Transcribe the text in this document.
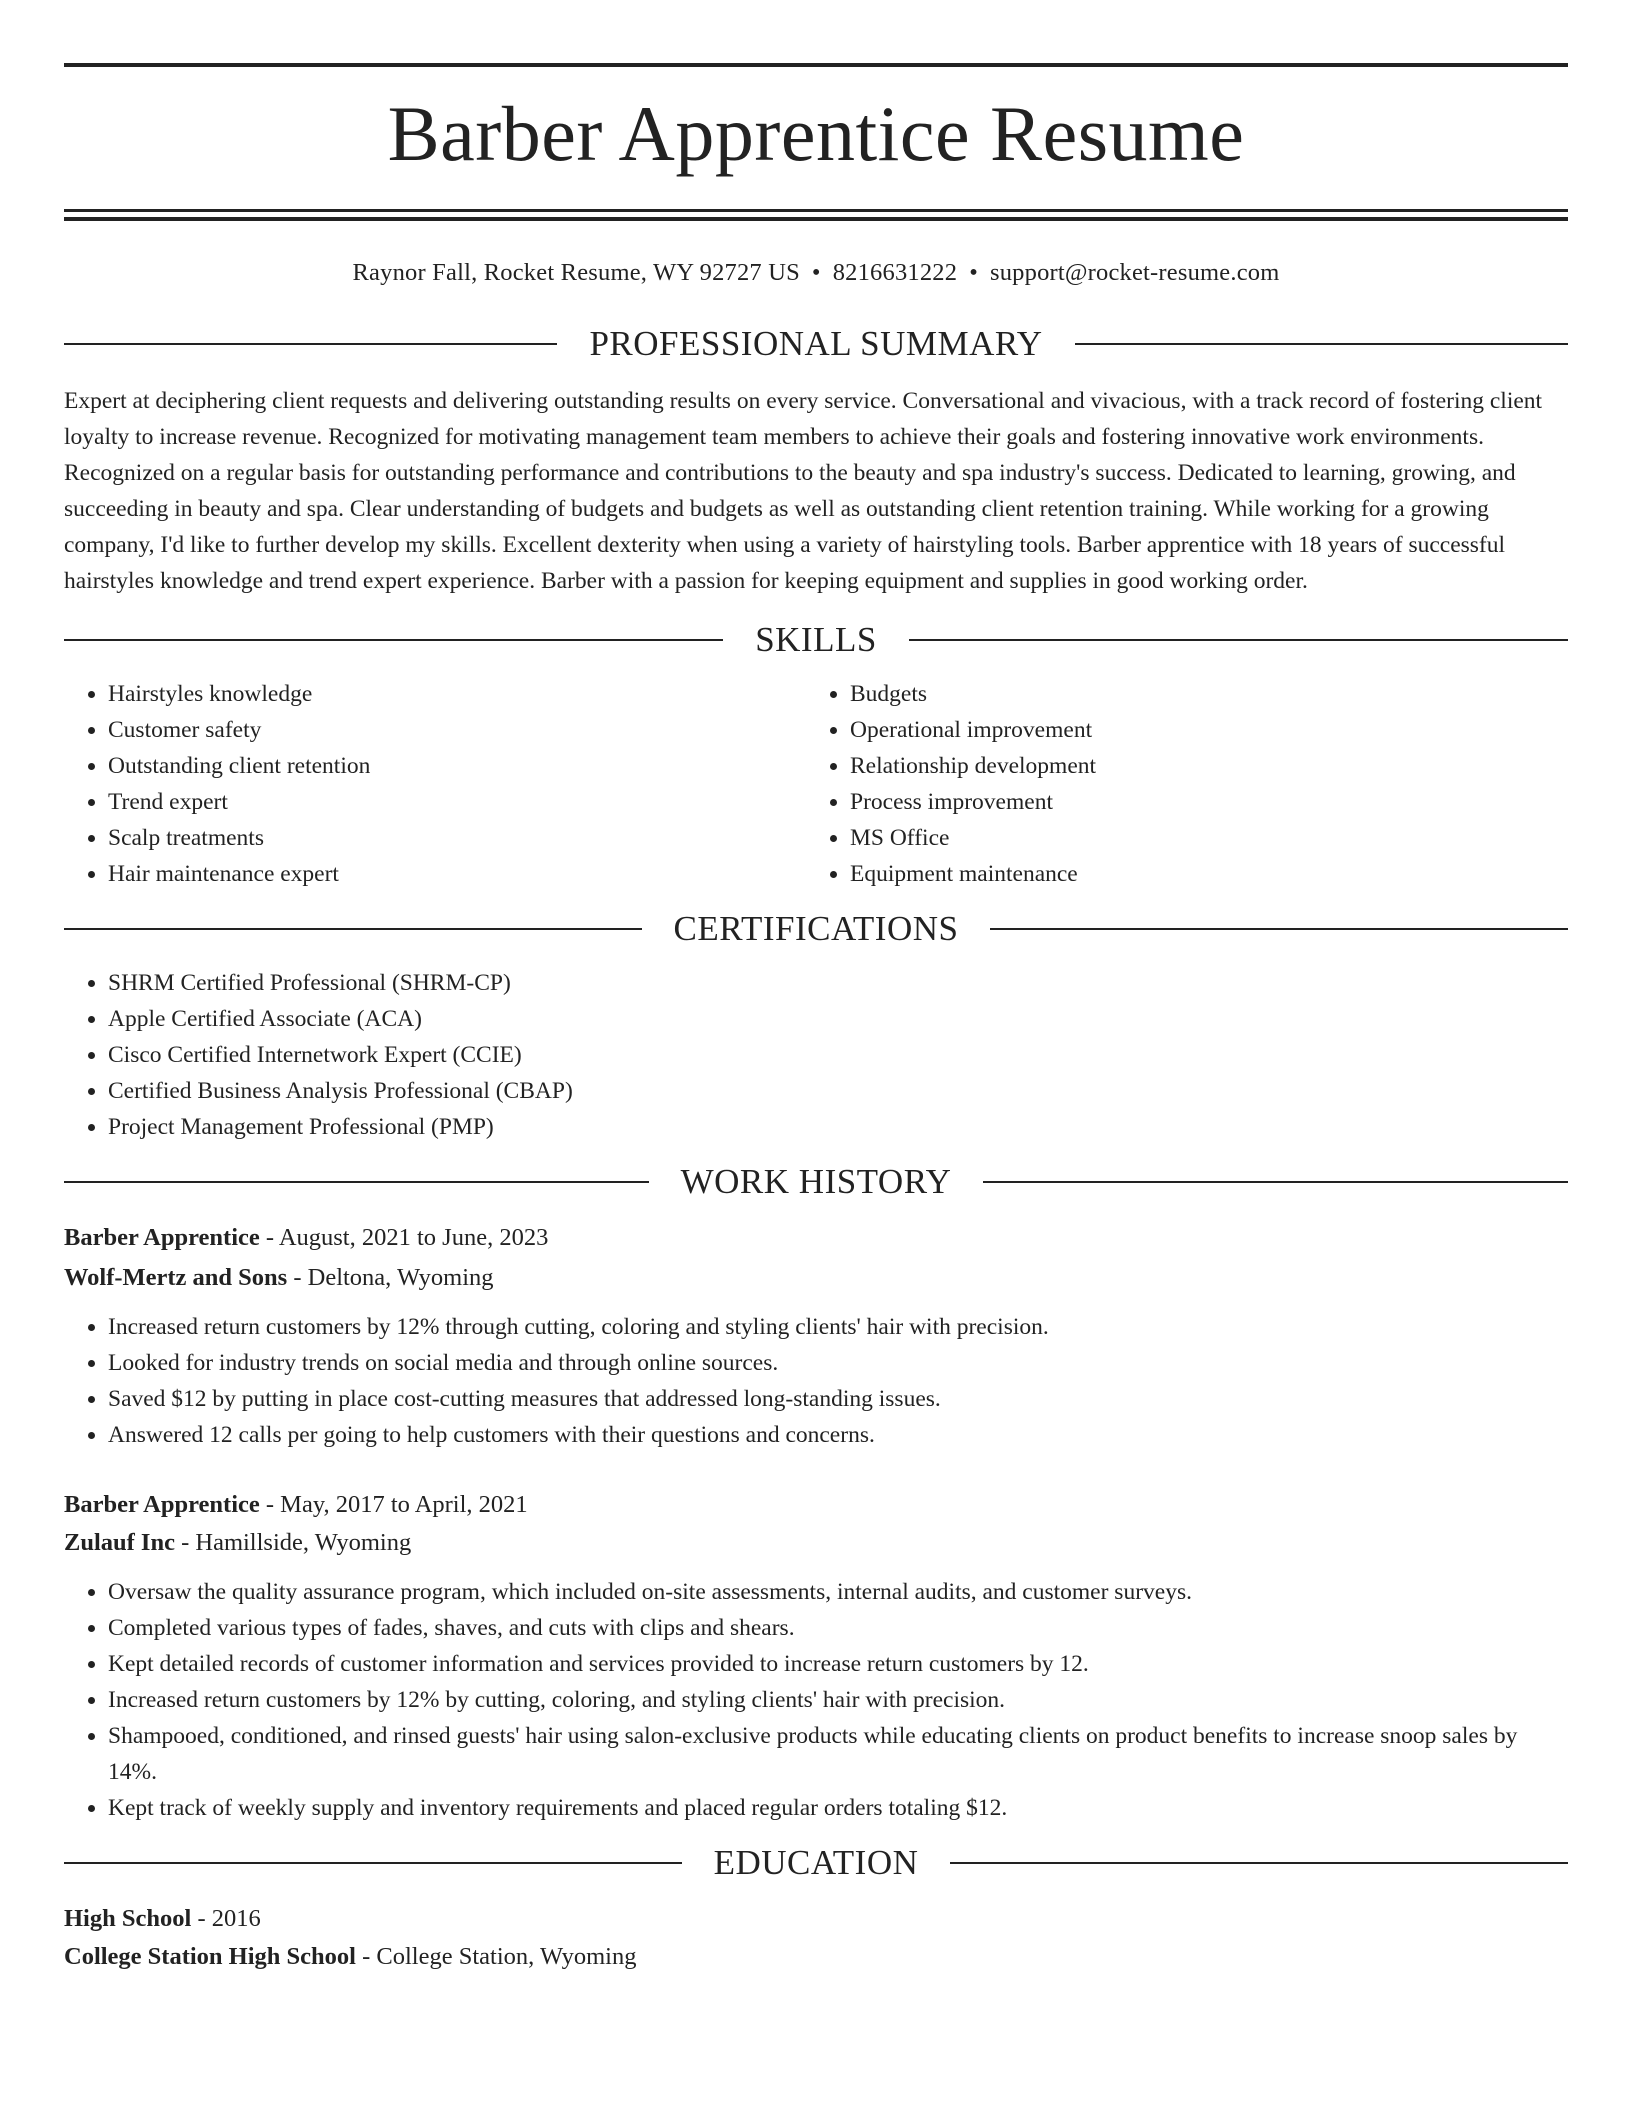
Barber Apprentice Resume
Raynor Fall, Rocket Resume, WY 92727 US • 8216631222 • support@rocket-resume.com
PROFESSIONAL SUMMARY

Expert at deciphering client requests and delivering outstanding results on every service. Conversational and vivacious, with a track record of fostering client loyalty to increase revenue. Recognized for motivating management team members to achieve their goals and fostering innovative work environments. Recognized on a regular basis for outstanding performance and contributions to the beauty and spa industry's success. Dedicated to learning, growing, and succeeding in beauty and spa. Clear understanding of budgets and budgets as well as outstanding client retention training. While working for a growing company, I'd like to further develop my skills. Excellent dexterity when using a variety of hairstyling tools. Barber apprentice with 18 years of successful hairstyles knowledge and trend expert experience. Barber with a passion for keeping equipment and supplies in good working order.

SKILLS
• Hairstyles knowledge
• Customer safety
• Outstanding client retention
• Trend expert
• Scalp treatments
• Hair maintenance expert
• Budgets
• Operational improvement
• Relationship development
• Process improvement
• MS Office
• Equipment maintenance
CERTIFICATIONS
• SHRM Certified Professional (SHRM-CP)
• Apple Certified Associate (ACA)
• Cisco Certified Internetwork Expert (CCIE)
• Certified Business Analysis Professional (CBAP)
• Project Management Professional (PMP)
WORK HISTORY
Barber Apprentice - August, 2021 to June, 2023
Wolf-Mertz and Sons - Deltona, Wyoming
• Increased return customers by 12% through cutting, coloring and styling clients' hair with precision.
• Looked for industry trends on social media and through online sources.
• Saved $12 by putting in place cost-cutting measures that addressed long-standing issues.
• Answered 12 calls per going to help customers with their questions and concerns.
Barber Apprentice - May, 2017 to April, 2021
Zulauf Inc - Hamillside, Wyoming
• Oversaw the quality assurance program, which included on-site assessments, internal audits, and customer surveys.
• Completed various types of fades, shaves, and cuts with clips and shears.
• Kept detailed records of customer information and services provided to increase return customers by 12.
• Increased return customers by 12% by cutting, coloring, and styling clients' hair with precision.
• Shampooed, conditioned, and rinsed guests' hair using salon-exclusive products while educating clients on product benefits to increase snoop sales by 14%.
• Kept track of weekly supply and inventory requirements and placed regular orders totaling $12.
EDUCATION
High School - 2016
College Station High School - College Station, Wyoming
